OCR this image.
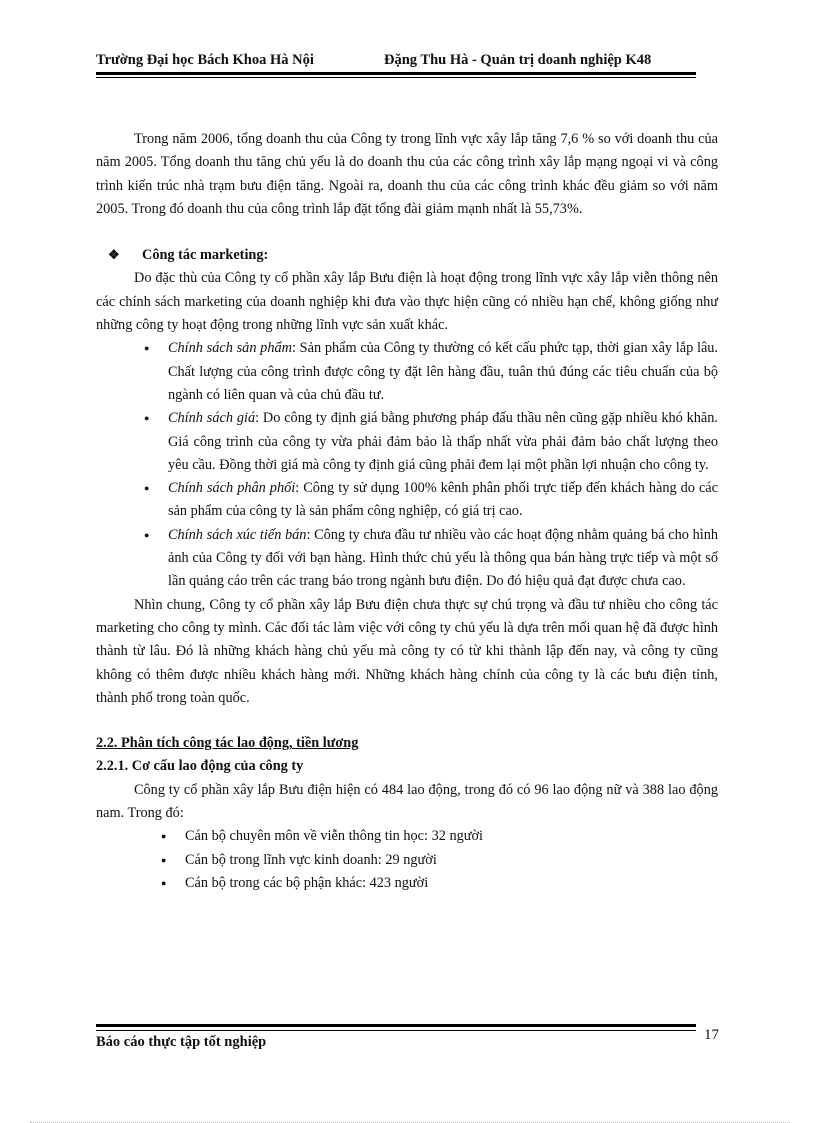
Trường Đại học Bách Khoa Hà Nội	Đặng Thu Hà - Quản trị doanh nghiệp K48

Trong năm 2006, tổng doanh thu của Công ty trong lĩnh vực xây lắp tăng 7,6 % so với doanh thu của năm 2005. Tổng doanh thu tăng chủ yếu là do doanh thu của các công trình xây lắp mạng ngoại vi và công trình kiến trúc nhà trạm bưu điện tăng. Ngoài ra, doanh thu của các công trình khác đều giảm so với năm 2005. Trong đó doanh thu của công trình lắp đặt tổng đài giảm mạnh nhất là 55,73%.

❖	Công tác marketing:

Do đặc thù của Công ty cổ phần xây lắp Bưu điện là hoạt động trong lĩnh vực xây lắp viễn thông nên các chính sách marketing của doanh nghiệp khi đưa vào thực hiện cũng có nhiều hạn chế, không giống như những công ty hoạt động trong những lĩnh vực sản xuất khác.

● Chính sách sản phẩm: Sản phẩm của Công ty thường có kết cấu phức tạp, thời gian xây lắp lâu. Chất lượng của công trình được công ty đặt lên hàng đầu, tuân thủ đúng các tiêu chuẩn của bộ ngành có liên quan và của chủ đầu tư.
● Chính sách giá: Do công ty định giá bằng phương pháp đấu thầu nên cũng gặp nhiều khó khăn. Giá công trình của công ty vừa phải đảm bảo là thấp nhất vừa phải đảm bảo chất lượng theo yêu cầu. Đồng thời giá mà công ty định giá cũng phải đem lại một phần lợi nhuận cho công ty.
● Chính sách phân phối: Công ty sử dụng 100% kênh phân phối trực tiếp đến khách hàng do các sản phẩm của công ty là sản phẩm công nghiệp, có giá trị cao.
● Chính sách xúc tiến bán: Công ty chưa đầu tư nhiều vào các hoạt động nhằm quảng bá cho hình ảnh của Công ty đối với bạn hàng. Hình thức chủ yếu là thông qua bán hàng trực tiếp và một số lần quảng cáo trên các trang báo trong ngành bưu điện. Do đó hiệu quả đạt được chưa cao.

Nhìn chung, Công ty cổ phần xây lắp Bưu điện chưa thực sự chú trọng và đầu tư nhiều cho công tác marketing cho công ty mình. Các đối tác làm việc với công ty chủ yếu là dựa trên mối quan hệ đã được hình thành từ lâu. Đó là những khách hàng chủ yếu mà công ty có từ khi thành lập đến nay, và công ty cũng không có thêm được nhiều khách hàng mới. Những khách hàng chính của công ty là các bưu điện tỉnh, thành phố trong toàn quốc.

2.2. Phân tích công tác lao động, tiền lương

2.2.1. Cơ cấu lao động của công ty

Công ty cổ phần xây lắp Bưu điện hiện có 484 lao động, trong đó có 96 lao động nữ và 388 lao động nam. Trong đó:

● Cán bộ chuyên môn về viễn thông tin học: 32 người
● Cán bộ trong lĩnh vực kinh doanh: 29 người
● Cán bộ trong các bộ phận khác: 423 người
Báo cáo thực tập tốt nghiệp	17
